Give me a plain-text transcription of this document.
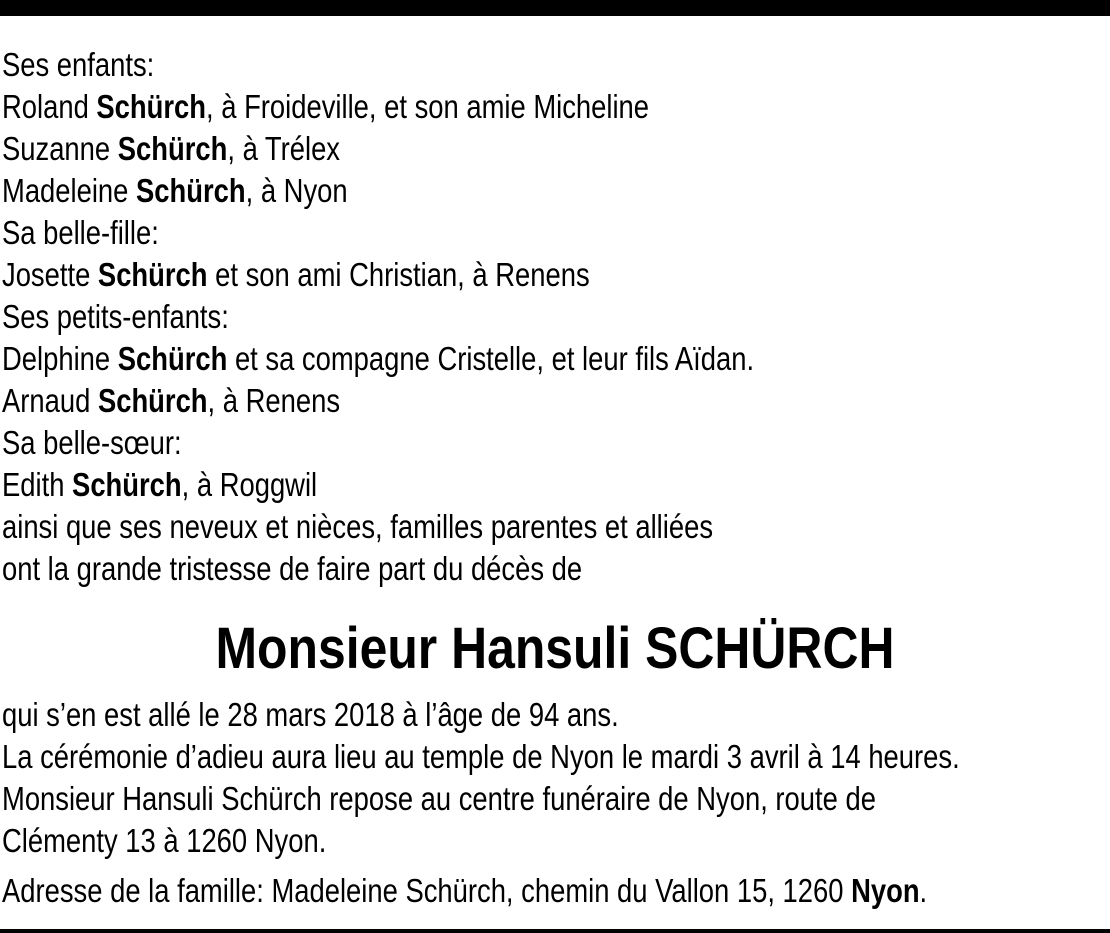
Ses enfants:
Roland Schürch, à Froideville, et son amie Micheline
Suzanne Schürch, à Trélex
Madeleine Schürch, à Nyon
Sa belle-fille:
Josette Schürch et son ami Christian, à Renens
Ses petits-enfants:
Delphine Schürch et sa compagne Cristelle, et leur fils Aïdan.
Arnaud Schürch, à Renens
Sa belle-sœur:
Edith Schürch, à Roggwil
ainsi que ses neveux et nièces, familles parentes et alliées
ont la grande tristesse de faire part du décès de
Monsieur Hansuli SCHÜRCH
qui s’en est allé le 28 mars 2018 à l’âge de 94 ans.
La cérémonie d’adieu aura lieu au temple de Nyon le mardi 3 avril à 14 heures.
Monsieur Hansuli Schürch repose au centre funéraire de Nyon, route de
Clémenty 13 à 1260 Nyon.
Adresse de la famille: Madeleine Schürch, chemin du Vallon 15, 1260 Nyon.
